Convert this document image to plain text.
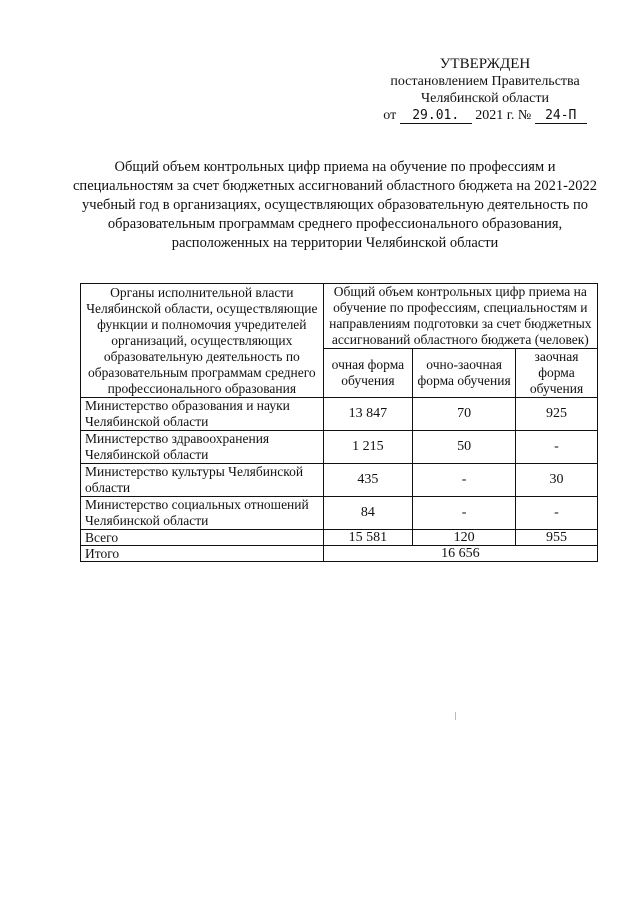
УТВЕРЖДЕН
постановлением Правительства
Челябинской области
от 29.01. 2021 г. № 24-П
Общий объем контрольных цифр приема на обучение по профессиям и специальностям за счет бюджетных ассигнований областного бюджета на 2021-2022 учебный год в организациях, осуществляющих образовательную деятельность по образовательным программам среднего профессионального образования, расположенных на территории Челябинской области
Органы исполнительной власти Челябинской области, осуществляющие функции и полномочия учредителей организаций, осуществляющих образовательную деятельность по образовательным программам среднего профессионального образования	Общий объем контрольных цифр приема на обучение по профессиям, специальностям и направлениям подготовки за счет бюджетных ассигнований областного бюджета (человек)		
	очная форма обучения	очно-заочная форма обучения	заочная форма обучения
Министерство образования и науки Челябинской области	13 847	70	925
Министерство здравоохранения Челябинской области	1 215	50	-
Министерство культуры Челябинской области	435	-	30
Министерство социальных отношений Челябинской области	84	-	-
Всего	15 581	120	955
Итого	16 656		
